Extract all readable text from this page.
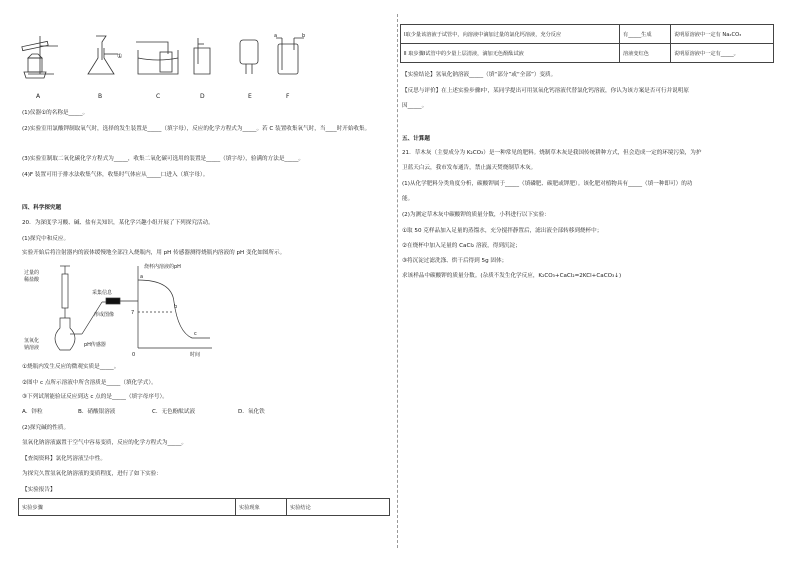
①
a	b
A	B	C	D	E	F
(1)仪器①的名称是_____。
(2)实验室用氯酸钾制取氧气时，选择的发生装置是_____（填字母），反应的化学方程式为_____。若 C 装置收集氧气时，当____时开始收集。
(3)实验室制取二氧化碳化学方程式为_____，收集二氧化碳可选用的装置是_____（填字母），验满的方法是_____。
(4)F 装置可用于排水法收集气体，收集时气体应从_____口进入（填字母）。
四、科学探究题
20．为深度学习酸、碱、盐有关知识，某化学兴趣小组开展了下列探究活动。
(1)探究中和反应。
实验开始后将注射器内的液体缓慢地全部注入烧瓶内，用 pH 传感器测得烧瓶内溶液的 pH 变化如图所示。
过量的
稀盐酸
采集信息
形成图像
氢氧化
钠溶液	pH传感器
烧杯内溶液的pH
7
0	时间
a
b
c
①烧瓶内发生反应的微观实质是_____。
②图中 c 点所示溶液中所含溶质是_____（填化学式）。
③下列试剂能验证反应到达 c 点的是_____（填字母序号）。
A．锌粒	B．硝酸银溶液	C．无色酚酞试液	D．氧化铁
(2)探究碱的性质。
氢氧化钠溶液露置于空气中容易变质，反应的化学方程式为_____。
【查阅资料】氯化钙溶液呈中性。
为探究久置氢氧化钠溶液的变质程度，进行了如下实验：
【实验报告】
实验步骤	实验现象	实验结论
Ⅰ取少量该溶液于试管中，向溶液中滴加过量的氯化钙溶液，充分反应	有_____生成	说明原溶液中一定有 Na₂CO₃
Ⅱ 取步骤Ⅰ试管中的少量上层清液，滴加无色酚酞试液	溶液变红色	说明原溶液中一定有_____。
【实验结论】氢氧化钠溶液_____（填“部分”或“全部”）变质。
【反思与评价】在上述实验步骤Ⅰ中，某同学提出可用氢氧化钙溶液代替氯化钙溶液，你认为该方案是否可行并说明原
因_____。
五、计算题
21．草木灰（主要成分为 K₂CO₃）是一种常见的肥料。烧制草木灰是我国传统耕种方式，但会造成一定的环境污染，为护
卫蓝天白云，我市发布通告，禁止露天焚烧制草木灰。
(1)从化学肥料分类角度分析，碳酸钾属于_____（填磷肥、碳肥或钾肥）。该化肥对植物具有_____（填一种即可）的功
能。
(2)为测定草木灰中碳酸钾的质量分数，小科进行以下实验：
①取 50 克样品加入足量的蒸馏水，充分搅拌静置后，滤出液全部转移到烧杯中；
②在烧杯中加入足量的 CaCl₂ 溶液，得到沉淀；
③将沉淀过滤洗涤、烘干后得到 5g 固体；
求该样品中碳酸钾的质量分数。(杂质不发生化学反应，K₂CO₃+CaCl₂=2KCl+CaCO₃↓)
